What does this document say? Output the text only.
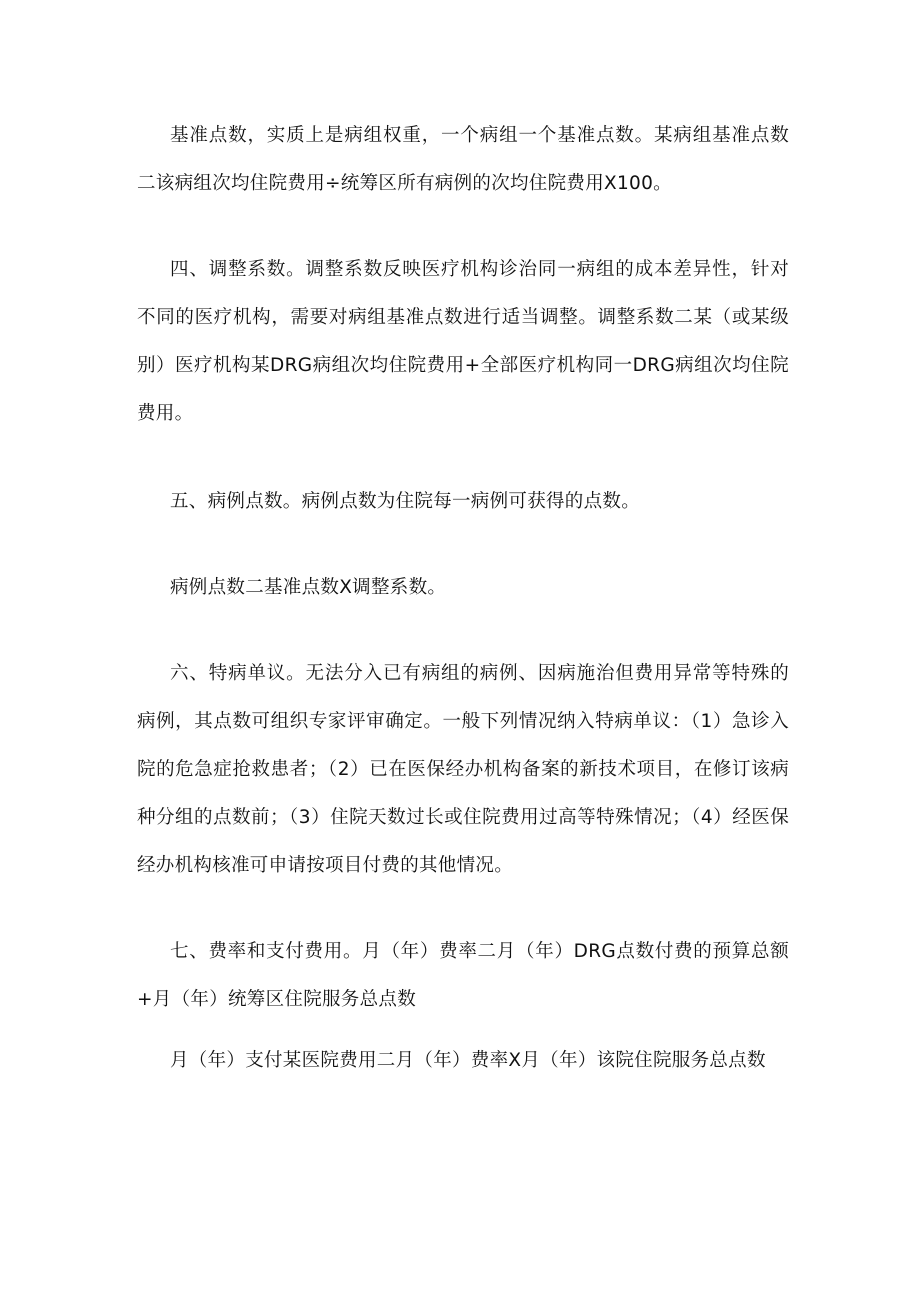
基准点数，实质上是病组权重，一个病组一个基准点数。某病组基准点数二该病组次均住院费用÷统筹区所有病例的次均住院费用X100。

四、调整系数。调整系数反映医疗机构诊治同一病组的成本差异性，针对不同的医疗机构，需要对病组基准点数进行适当调整。调整系数二某（或某级别）医疗机构某DRG病组次均住院费用+全部医疗机构同一DRG病组次均住院费用。

五、病例点数。病例点数为住院每一病例可获得的点数。

病例点数二基准点数X调整系数。

六、特病单议。无法分入已有病组的病例、因病施治但费用异常等特殊的病例，其点数可组织专家评审确定。一般下列情况纳入特病单议：（1）急诊入院的危急症抢救患者；（2）已在医保经办机构备案的新技术项目，在修订该病种分组的点数前；（3）住院天数过长或住院费用过高等特殊情况；（4）经医保经办机构核准可申请按项目付费的其他情况。

七、费率和支付费用。月（年）费率二月（年）DRG点数付费的预算总额+月（年）统筹区住院服务总点数

月（年）支付某医院费用二月（年）费率X月（年）该院住院服务总点数
